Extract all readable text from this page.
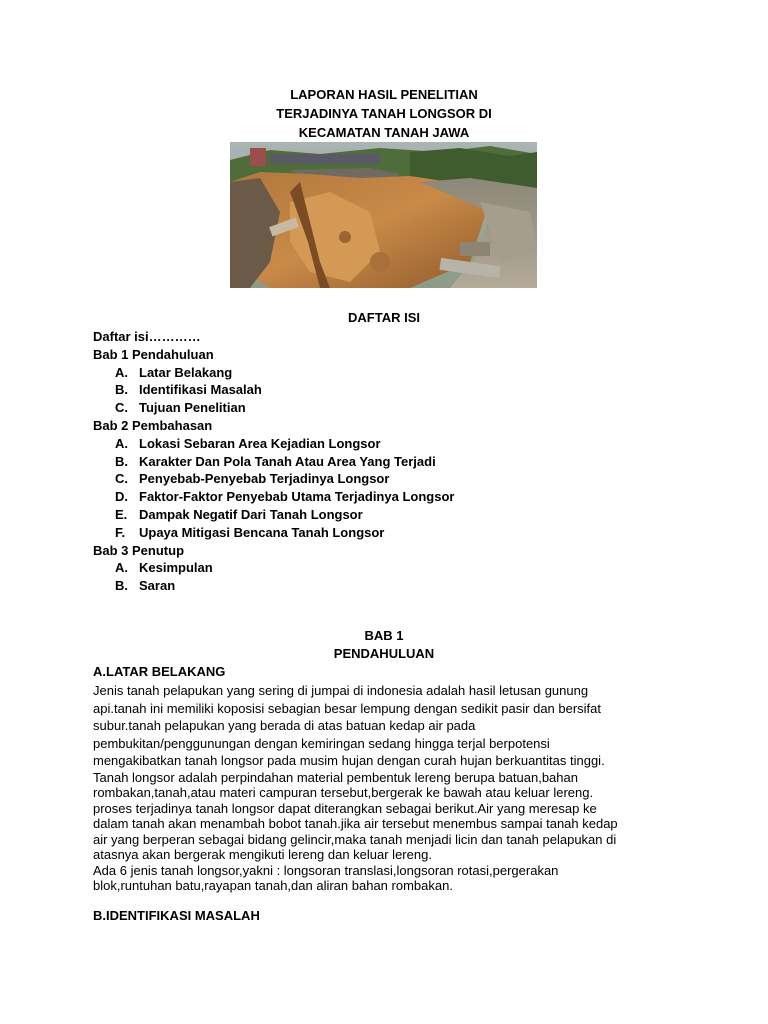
LAPORAN HASIL PENELITIAN
TERJADINYA TANAH LONGSOR DI
KECAMATAN TANAH JAWA
DAFTAR ISI
Daftar isi…………
Bab 1 Pendahuluan
A. Latar Belakang
B. Identifikasi Masalah
C. Tujuan Penelitian
Bab 2 Pembahasan
A. Lokasi Sebaran Area Kejadian Longsor
B. Karakter Dan Pola Tanah Atau Area Yang Terjadi
C. Penyebab-Penyebab Terjadinya Longsor
D. Faktor-Faktor Penyebab Utama Terjadinya Longsor
E. Dampak Negatif Dari Tanah Longsor
F. Upaya Mitigasi Bencana Tanah Longsor
Bab 3 Penutup
A. Kesimpulan
B. Saran
BAB 1
PENDAHULUAN
A.LATAR BELAKANG
Jenis tanah pelapukan yang sering di jumpai di indonesia adalah hasil letusan gunung
api.tanah ini memiliki koposisi sebagian besar lempung dengan sedikit pasir dan bersifat
subur.tanah pelapukan yang berada di atas batuan kedap air pada
pembukitan/penggunungan dengan kemiringan sedang hingga terjal berpotensi
mengakibatkan tanah longsor pada musim hujan dengan curah hujan berkuantitas tinggi.
Tanah longsor adalah perpindahan material pembentuk lereng berupa batuan,bahan
rombakan,tanah,atau materi campuran tersebut,bergerak ke bawah atau keluar lereng.
proses terjadinya tanah longsor dapat diterangkan sebagai berikut.Air yang meresap ke
dalam tanah akan menambah bobot tanah.jika air tersebut menembus sampai tanah kedap
air yang berperan sebagai bidang gelincir,maka tanah menjadi licin dan tanah pelapukan di
atasnya akan bergerak mengikuti lereng dan keluar lereng.
Ada 6 jenis tanah longsor,yakni : longsoran translasi,longsoran rotasi,pergerakan
blok,runtuhan batu,rayapan tanah,dan aliran bahan rombakan.
B.IDENTIFIKASI MASALAH
